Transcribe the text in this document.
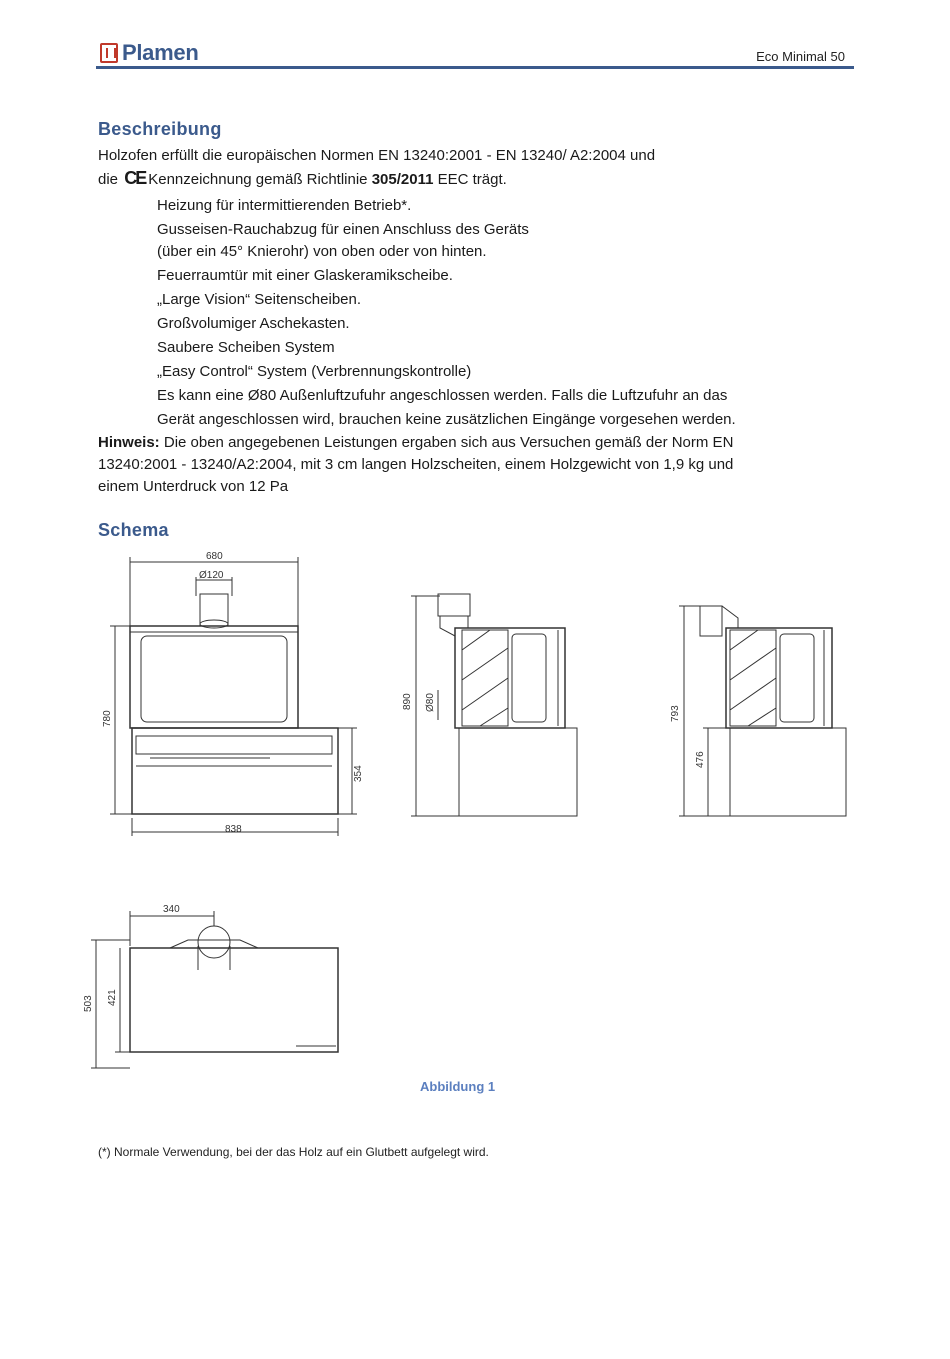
Plamen	Eco Minimal 50
Beschreibung
Holzofen erfüllt die europäischen Normen EN 13240:2001 - EN 13240/ A2:2004 und
die CE Kennzeichnung gemäß Richtlinie 305/2011 EEC trägt.
Heizung für intermittierenden Betrieb*.
Gusseisen-Rauchabzug für einen Anschluss des Geräts
(über ein 45° Knierohr) von oben oder von hinten.
Feuerraumtür mit einer Glaskeramikscheibe.
„Large Vision“ Seitenscheiben.
Großvolumiger Aschekasten.
Saubere Scheiben System
„Easy Control“ System (Verbrennungskontrolle)
Es kann eine Ø80 Außenluftzufuhr angeschlossen werden. Falls die Luftzufuhr an das
Gerät angeschlossen wird, brauchen keine zusätzlichen Eingänge vorgesehen werden.
Hinweis: Die oben angegebenen Leistungen ergaben sich aus Versuchen gemäß der Norm EN
13240:2001 - 13240/A2:2004, mit 3 cm langen Holzscheiten, einem Holzgewicht von 1,9 kg und
einem Unterdruck von 12 Pa
Schema
680
Ø120
780
354
838
890 Ø80
793
476
340
503 421
Abbildung 1
(*) Normale Verwendung, bei der das Holz auf ein Glutbett aufgelegt wird.
